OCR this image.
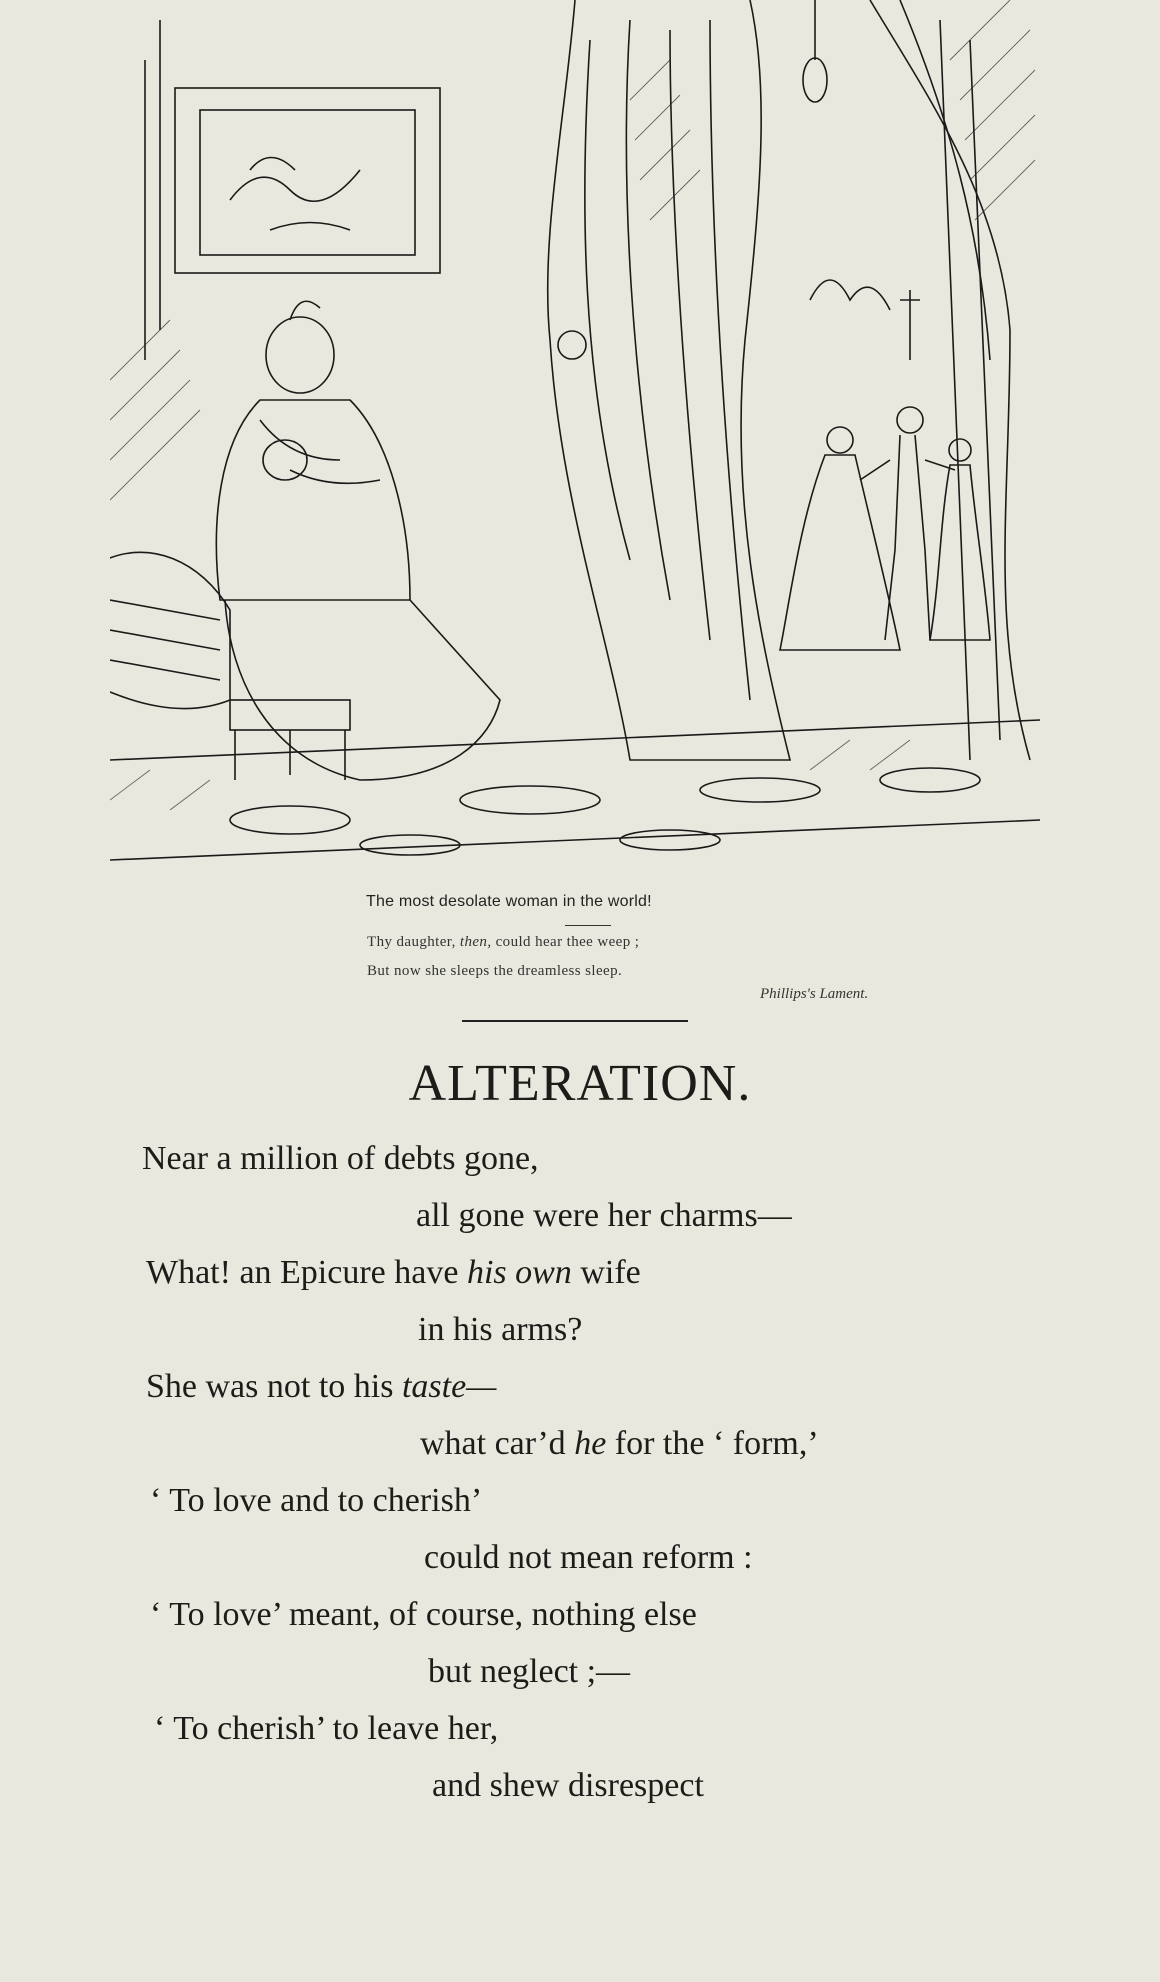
The most desolate woman in the world!
Thy daughter, then, could hear thee weep ;
But now she sleeps the dreamless sleep.
Phillips's Lament.
ALTERATION.
Near a million of debts gone,
all gone were her charms—
What! an Epicure have his own wife
in his arms?
She was not to his taste—
what car’d he for the ‘ form,’
‘ To love and to cherish’
could not mean reform :
‘ To love’ meant, of course, nothing else
but neglect ;—
‘ To cherish’ to leave her,
and shew disrespect
